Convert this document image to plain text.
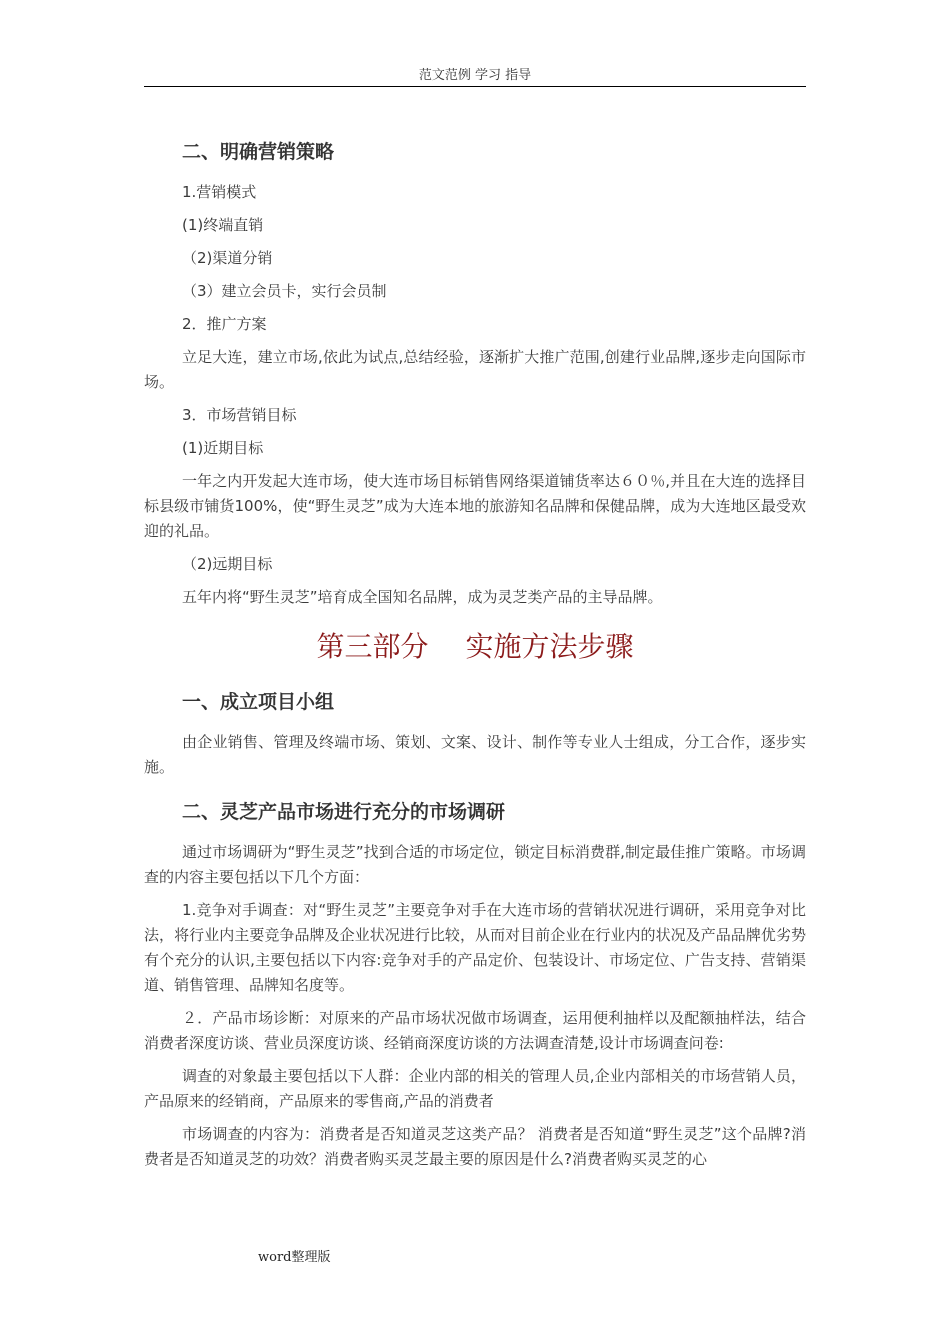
范文范例 学习 指导
二、明确营销策略

1.营销模式

(1)终端直销

（2)渠道分销

（3）建立会员卡，实行会员制

2．推广方案

立足大连，建立市场,依此为试点,总结经验，逐渐扩大推广范围,创建行业品牌,逐步走向国际市场。

3．市场营销目标

(1)近期目标

一年之内开发起大连市场，使大连市场目标销售网络渠道铺货率达６０％,并且在大连的选择目标县级市铺货100%，使“野生灵芝”成为大连本地的旅游知名品牌和保健品牌，成为大连地区最受欢迎的礼品。

（2)远期目标

五年内将“野生灵芝”培育成全国知名品牌，成为灵芝类产品的主导品牌。

第三部分　 实施方法步骤
一、成立项目小组

由企业销售、管理及终端市场、策划、文案、设计、制作等专业人士组成，分工合作，逐步实施。

二、灵芝产品市场进行充分的市场调研

通过市场调研为“野生灵芝”找到合适的市场定位，锁定目标消费群,制定最佳推广策略。市场调查的内容主要包括以下几个方面：

1.竞争对手调查：对“野生灵芝”主要竞争对手在大连市场的营销状况进行调研，采用竞争对比法，将行业内主要竞争品牌及企业状况进行比较，从而对目前企业在行业内的状况及产品品牌优劣势有个充分的认识,主要包括以下内容:竞争对手的产品定价、包装设计、市场定位、广告支持、营销渠道、销售管理、品牌知名度等。

２．产品市场诊断：对原来的产品市场状况做市场调查，运用便利抽样以及配额抽样法，结合消费者深度访谈、营业员深度访谈、经销商深度访谈的方法调查清楚,设计市场调查问卷:

调查的对象最主要包括以下人群：企业内部的相关的管理人员,企业内部相关的市场营销人员，产品原来的经销商，产品原来的零售商,产品的消费者

市场调查的内容为：消费者是否知道灵芝这类产品？ 消费者是否知道“野生灵芝”这个品牌?消费者是否知道灵芝的功效？消费者购买灵芝最主要的原因是什么?消费者购买灵芝的心

word整理版
